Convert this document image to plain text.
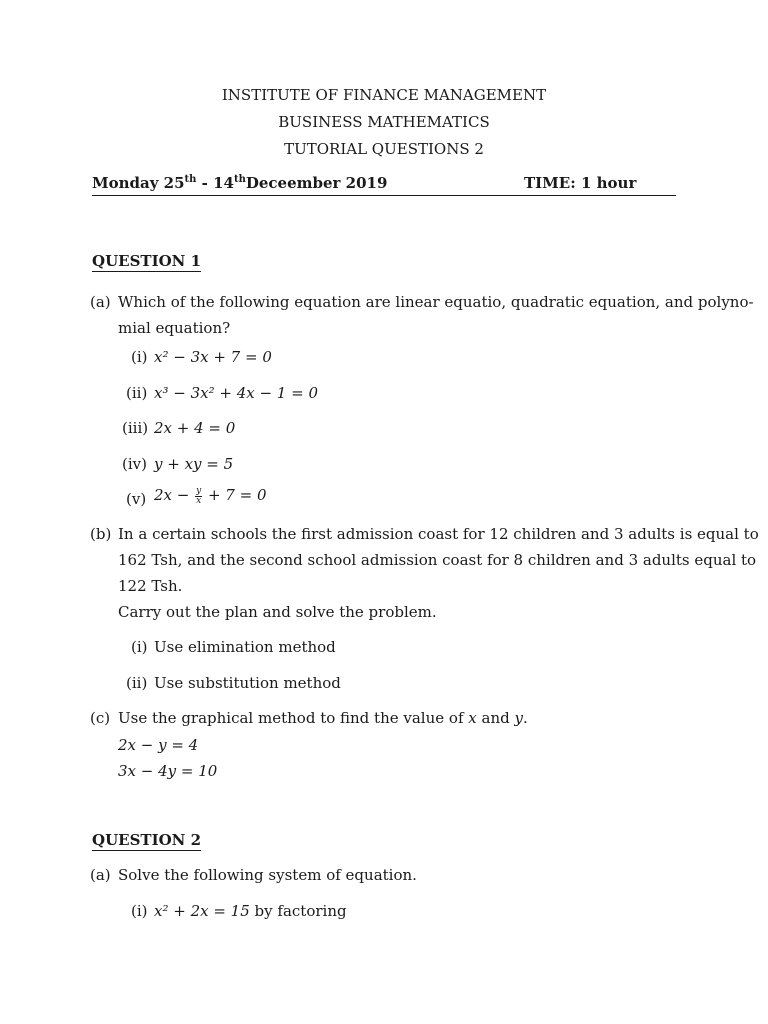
INSTITUTE OF FINANCE MANAGEMENT
BUSINESS MATHEMATICS
TUTORIAL QUESTIONS 2
Monday 25th - 14thDeceember 2019	TIME: 1 hour
QUESTION 1
(a) Which of the following equation are linear equatio, quadratic equation, and polyno-
mial equation?
(i) x² − 3x + 7 = 0
(ii) x³ − 3x² + 4x − 1 = 0
(iii) 2x + 4 = 0
(iv) y + xy = 5
(v) $2x - \frac{y}{x} + 7 = 0$
(b) In a certain schools the first admission coast for 12 children and 3 adults is equal to
162 Tsh, and the second school admission coast for 8 children and 3 adults equal to
122 Tsh.
Carry out the plan and solve the problem.
(i) Use elimination method
(ii) Use substitution method
(c) Use the graphical method to find the value of x and y.
2x − y = 4
3x − 4y = 10
QUESTION 2
(a) Solve the following system of equation.
(i) x² + 2x = 15 by factoring
